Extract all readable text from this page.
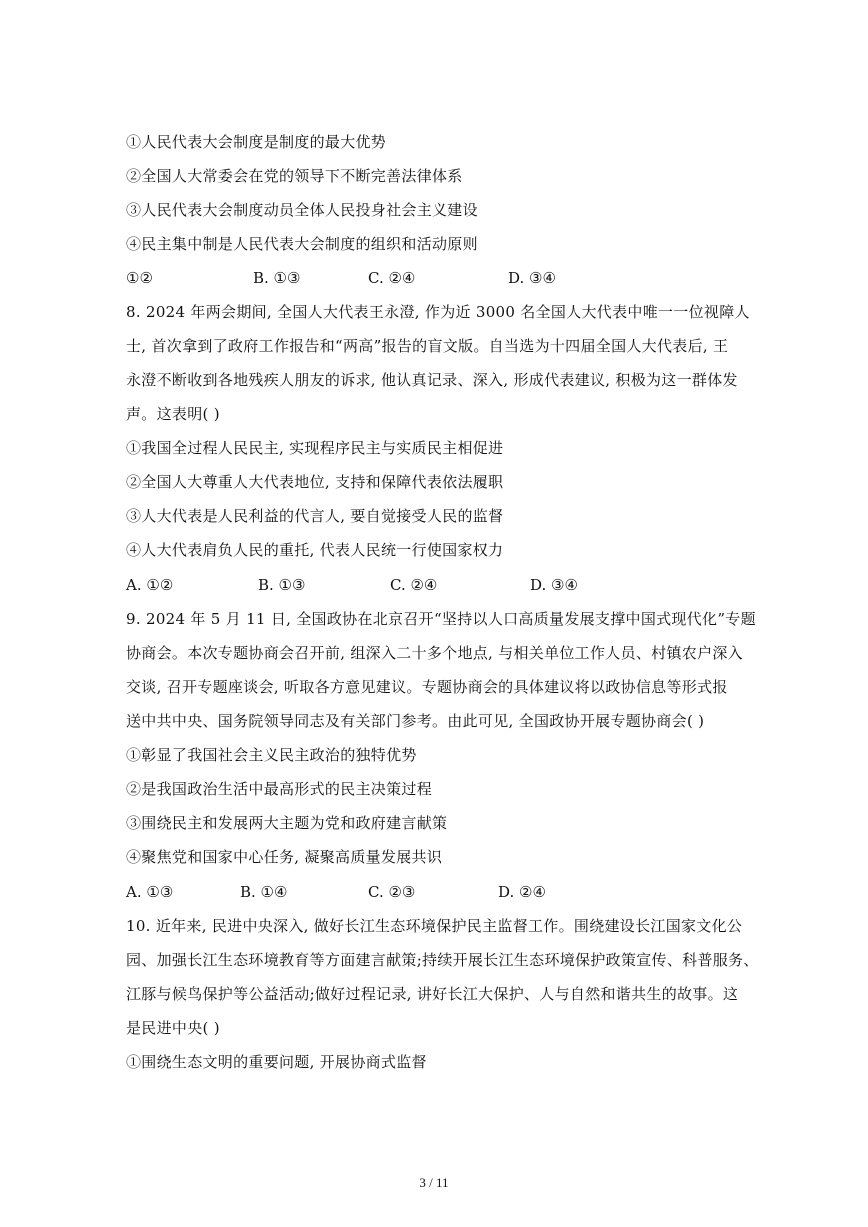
①人民代表大会制度是制度的最大优势
②全国人大常委会在党的领导下不断完善法律体系
③人民代表大会制度动员全体人民投身社会主义建设
④民主集中制是人民代表大会制度的组织和活动原则
①②	B. ①③	C. ②④	D. ③④
8. 2024 年两会期间, 全国人大代表王永澄, 作为近 3000 名全国人大代表中唯一一位视障人
士, 首次拿到了政府工作报告和“两高”报告的盲文版。自当选为十四届全国人大代表后, 王
永澄不断收到各地残疾人朋友的诉求, 他认真记录、深入, 形成代表建议, 积极为这一群体发
声。这表明( )
①我国全过程人民民主, 实现程序民主与实质民主相促进
②全国人大尊重人大代表地位, 支持和保障代表依法履职
③人大代表是人民利益的代言人, 要自觉接受人民的监督
④人大代表肩负人民的重托, 代表人民统一行使国家权力
A. ①②	B. ①③	C. ②④	D. ③④
9. 2024 年 5 月 11 日, 全国政协在北京召开“坚持以人口高质量发展支撑中国式现代化”专题
协商会。本次专题协商会召开前, 组深入二十多个地点, 与相关单位工作人员、村镇农户深入
交谈, 召开专题座谈会, 听取各方意见建议。专题协商会的具体建议将以政协信息等形式报
送中共中央、国务院领导同志及有关部门参考。由此可见, 全国政协开展专题协商会( )
①彰显了我国社会主义民主政治的独特优势
②是我国政治生活中最高形式的民主决策过程
③围绕民主和发展两大主题为党和政府建言献策
④聚焦党和国家中心任务, 凝聚高质量发展共识
A. ①③	B. ①④	C. ②③	D. ②④
10. 近年来, 民进中央深入, 做好长江生态环境保护民主监督工作。围绕建设长江国家文化公
园、加强长江生态环境教育等方面建言献策;持续开展长江生态环境保护政策宣传、科普服务、
江豚与候鸟保护等公益活动;做好过程记录, 讲好长江大保护、人与自然和谐共生的故事。这
是民进中央( )
①围绕生态文明的重要问题, 开展协商式监督
3 / 11
